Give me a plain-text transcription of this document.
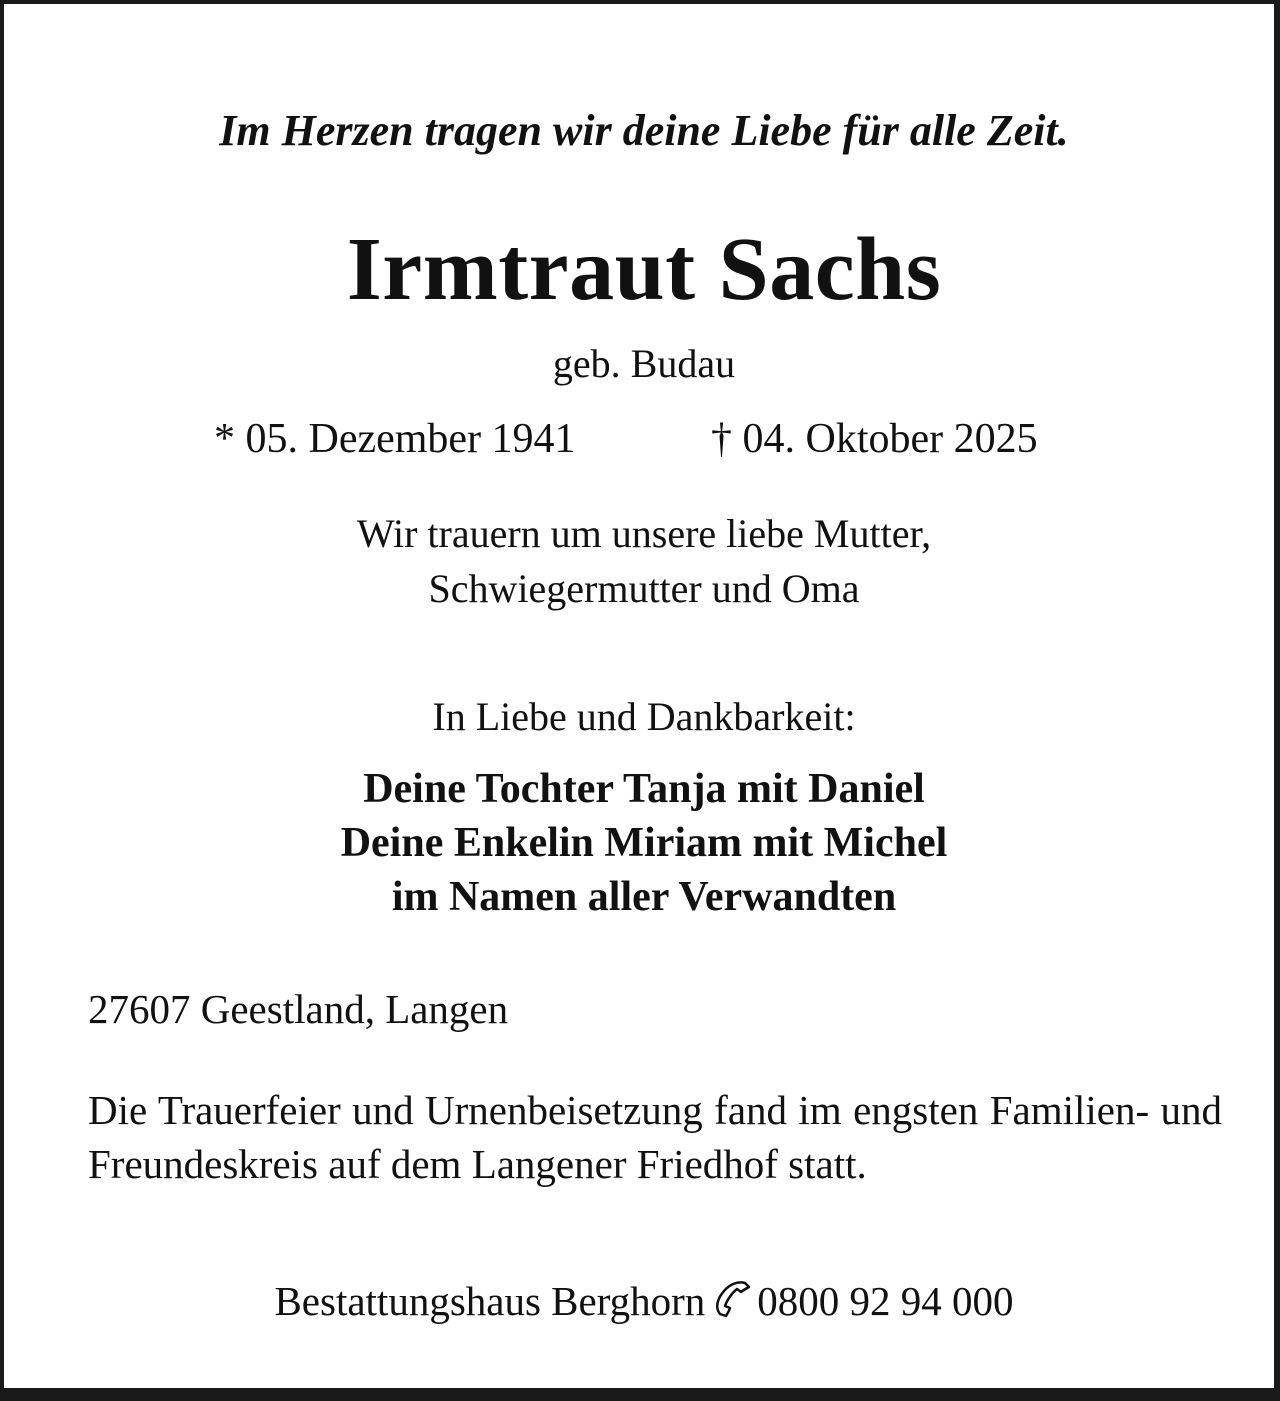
Im Herzen tragen wir deine Liebe für alle Zeit.

Irmtraut Sachs

geb. Budau

* 05. Dezember 1941	† 04. Oktober 2025

Wir trauern um unsere liebe Mutter,

Schwiegermutter und Oma

In Liebe und Dankbarkeit:

Deine Tochter Tanja mit Daniel

Deine Enkelin Miriam mit Michel

im Namen aller Verwandten

27607 Geestland, Langen

Die Trauerfeier und Urnenbeisetzung fand im engsten Familien- und Freundeskreis auf dem Langener Friedhof statt.

Bestattungshaus Berghorn 0800 92 94 000
